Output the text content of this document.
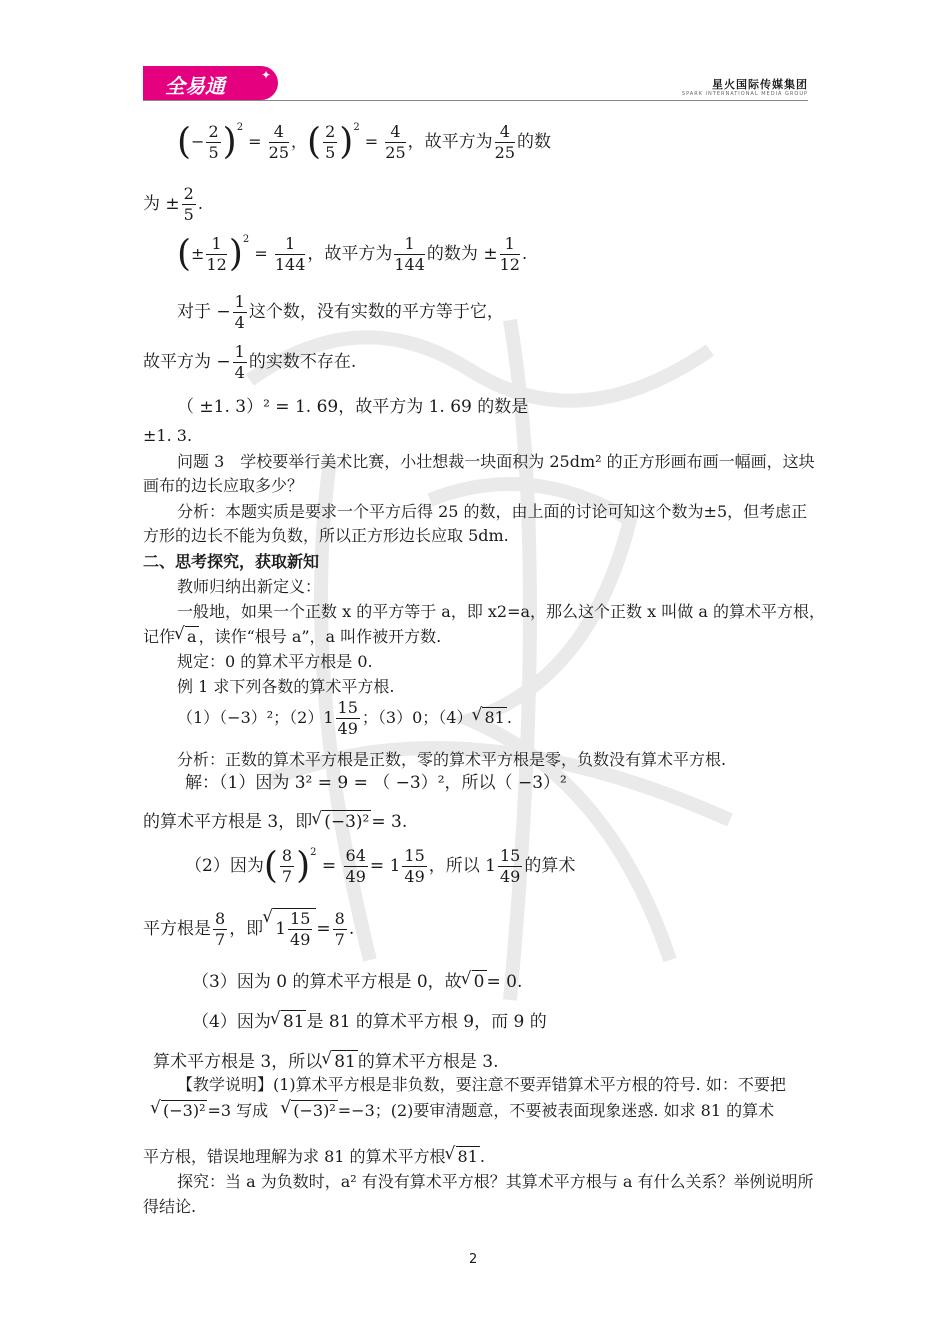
全易通	✦
星火国际传媒集团
SPARK INTERNATIONAL MEDIA GROUP
(− $\frac{2}{5} )^2 = \frac{4}{25}$ ，( $\frac{2}{5} )^2 = \frac{4}{25}$ ，故平方为 $\frac{4}{25}$ 的数
为 ± $\frac{2}{5}$ .
(± $\frac{1}{12} )^2 = \frac{1}{144}$ ，故平方为 $\frac{1}{144}$ 的数为 ± $\frac{1}{12}$ .
对于 − $\frac{1}{4}$ 这个数，没有实数的平方等于它，
故平方为 − $\frac{1}{4}$ 的实数不存在.
（ ±1. 3）² = 1. 69，故平方为 1. 69 的数是
±1. 3.
问题 3　学校要举行美术比赛，小壮想裁一块面积为 25dm² 的正方形画布画一幅画，这块
画布的边长应取多少？
分析：本题实质是要求一个平方后得 25 的数，由上面的讨论可知这个数为±5，但考虑正
方形的边长不能为负数，所以正方形边长应取 5dm.
二、思考探究，获取新知
教师归纳出新定义：
一般地，如果一个正数 x 的平方等于 a，即 x2=a，那么这个正数 x 叫做 a 的算术平方根，
记作 √ a ，读作“根号 a”，a 叫作被开方数.
规定：0 的算术平方根是 0.
例 1 求下列各数的算术平方根.
（1）（−3）²；$(2)1 \frac{15}{49}$ ；（3）0；（4） √ 81 .
分析：正数的算术平方根是正数，零的算术平方根是零，负数没有算术平方根.
解：（1）因为 3² = 9 = （ −3）²，所以（ −3）²
的算术平方根是 3，即 √ (−3)² = 3.
（2）因为( $\frac{8}{7} )^2 = \frac{64}{49} = 1 \frac{15}{49}$ ，所以 $1 \frac{15}{49}$ 的算术
平方根是 $\frac{8}{7}$ ，即 √ $1 \frac{15}{49} = \frac{8}{7}$ .
（3）因为 0 的算术平方根是 0，故 √ 0 = 0.
（4）因为 √ 81 是 81 的算术平方根 9，而 9 的
算术平方根是 3，所以 √ 81 的算术平方根是 3.
【教学说明】(1)算术平方根是非负数，要注意不要弄错算术平方根的符号. 如：不要把
√ (−3)² =3 写成 √ (−3)² =−3；(2)要审清题意，不要被表面现象迷惑. 如求 81 的算术
平方根，错误地理解为求 81 的算术平方根 √ 81 .
探究：当 a 为负数时，a² 有没有算术平方根？其算术平方根与 a 有什么关系？举例说明所
得结论.
2
